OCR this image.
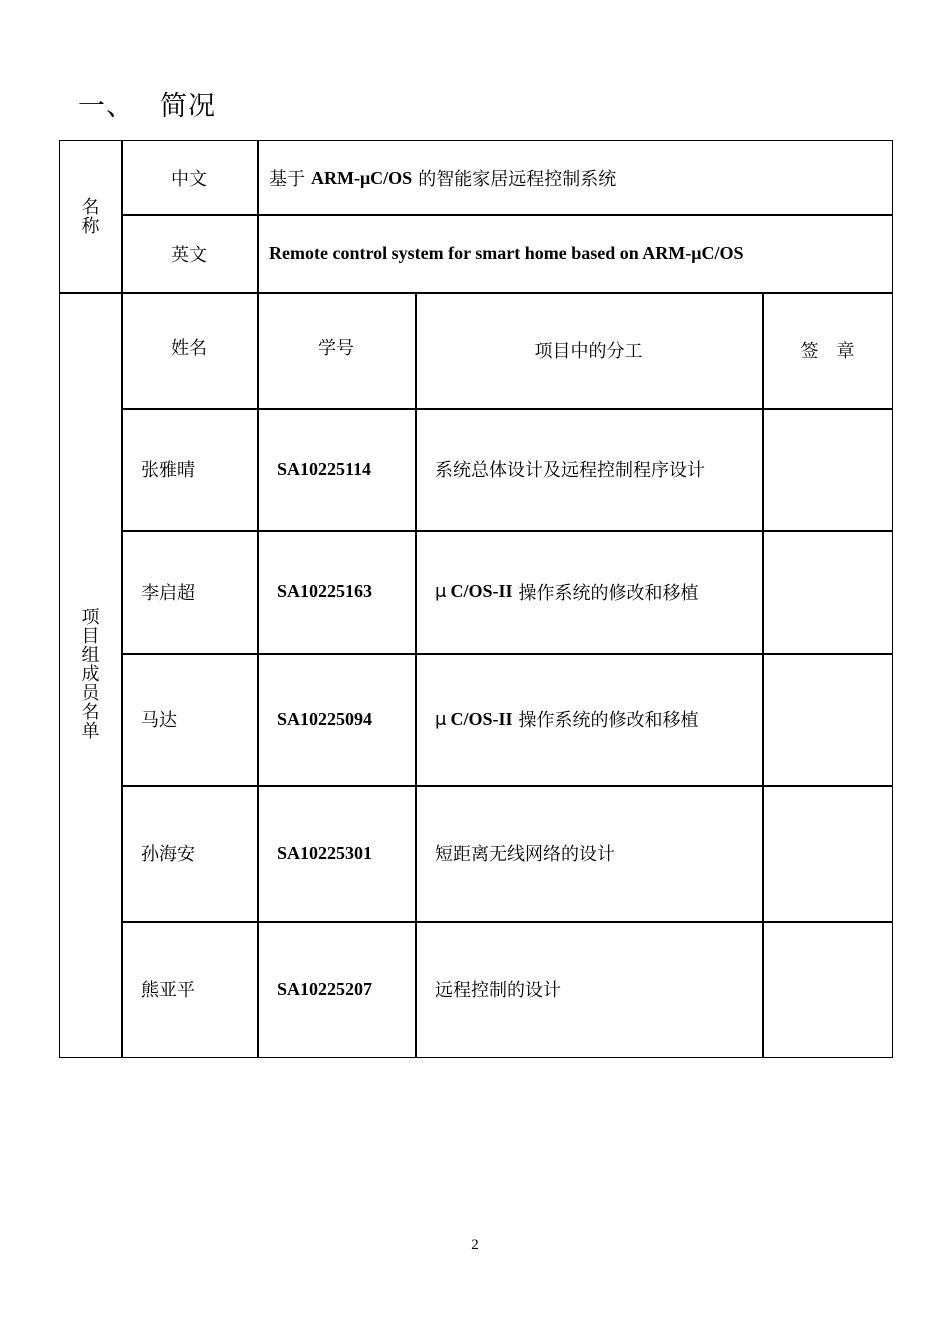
一、 简况
名
称
中文	基于 ARM-μC/OS 的智能家居远程控制系统
英文	Remote control system for smart home based on ARM-μC/OS
项
目
组
成
员
名
单
姓名	学号	项目中的分工	签　章
张雅晴	SA10225114	系统总体设计及远程控制程序设计
李启超	SA10225163	μ C/OS-II 操作系统的修改和移植
马达	SA10225094	μ C/OS-II 操作系统的修改和移植
孙海安	SA10225301	短距离无线网络的设计
熊亚平	SA10225207	远程控制的设计
2
